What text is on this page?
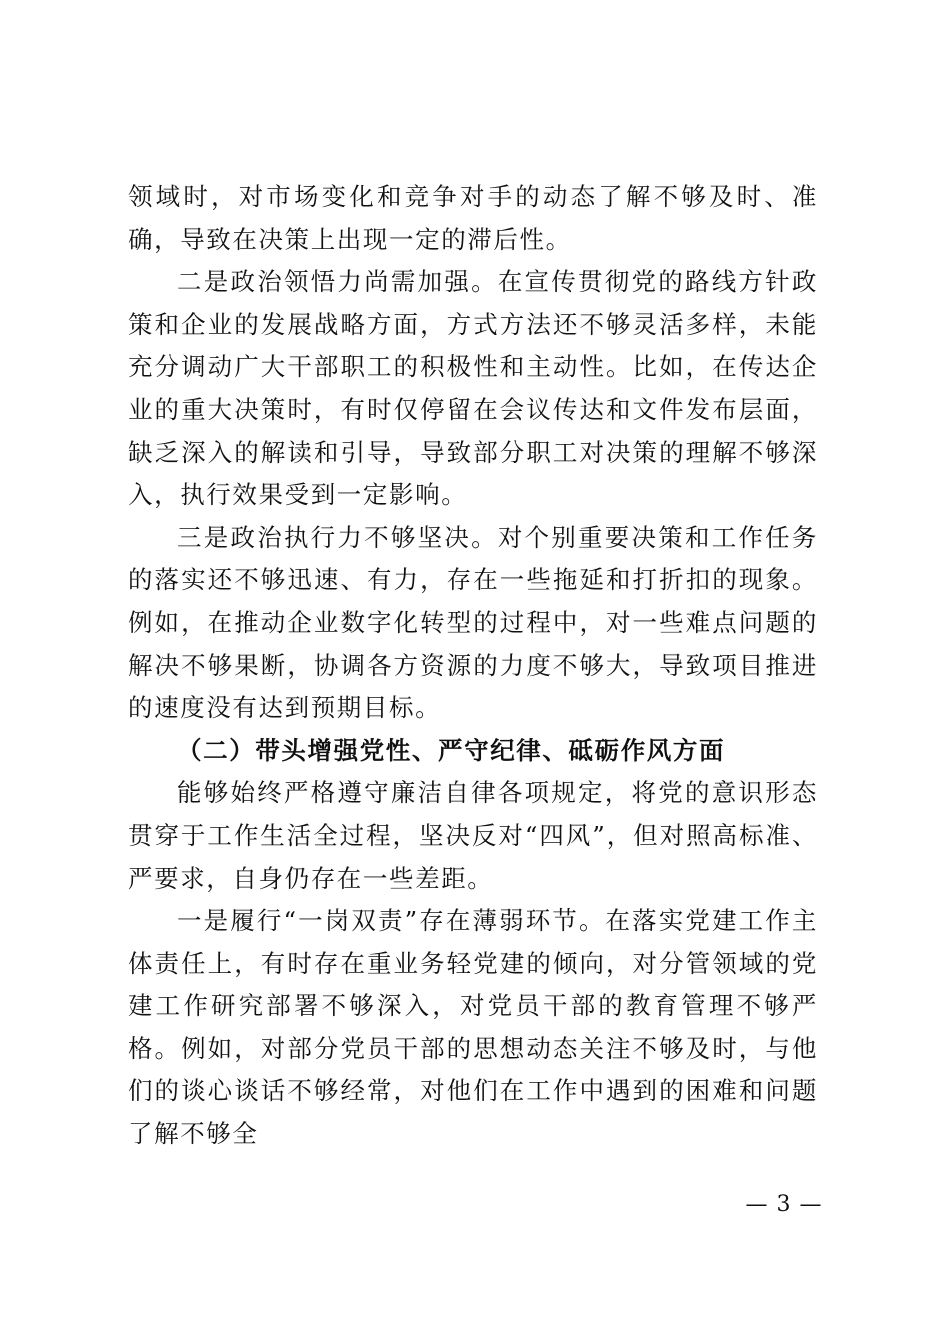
领域时，对市场变化和竞争对手的动态了解不够及时、准确，导致在决策上出现一定的滞后性。

二是政治领悟力尚需加强。在宣传贯彻党的路线方针政策和企业的发展战略方面，方式方法还不够灵活多样，未能充分调动广大干部职工的积极性和主动性。比如，在传达企业的重大决策时，有时仅停留在会议传达和文件发布层面，缺乏深入的解读和引导，导致部分职工对决策的理解不够深入，执行效果受到一定影响。

三是政治执行力不够坚决。对个别重要决策和工作任务的落实还不够迅速、有力，存在一些拖延和打折扣的现象。例如，在推动企业数字化转型的过程中，对一些难点问题的解决不够果断，协调各方资源的力度不够大，导致项目推进的速度没有达到预期目标。

（二）带头增强党性、严守纪律、砥砺作风方面

能够始终严格遵守廉洁自律各项规定，将党的意识形态贯穿于工作生活全过程，坚决反对“四风”，但对照高标准、严要求，自身仍存在一些差距。

一是履行“一岗双责”存在薄弱环节。在落实党建工作主体责任上，有时存在重业务轻党建的倾向，对分管领域的党建工作研究部署不够深入，对党员干部的教育管理不够严格。例如，对部分党员干部的思想动态关注不够及时，与他们的谈心谈话不够经常，对他们在工作中遇到的困难和问题了解不够全

— 3 —
